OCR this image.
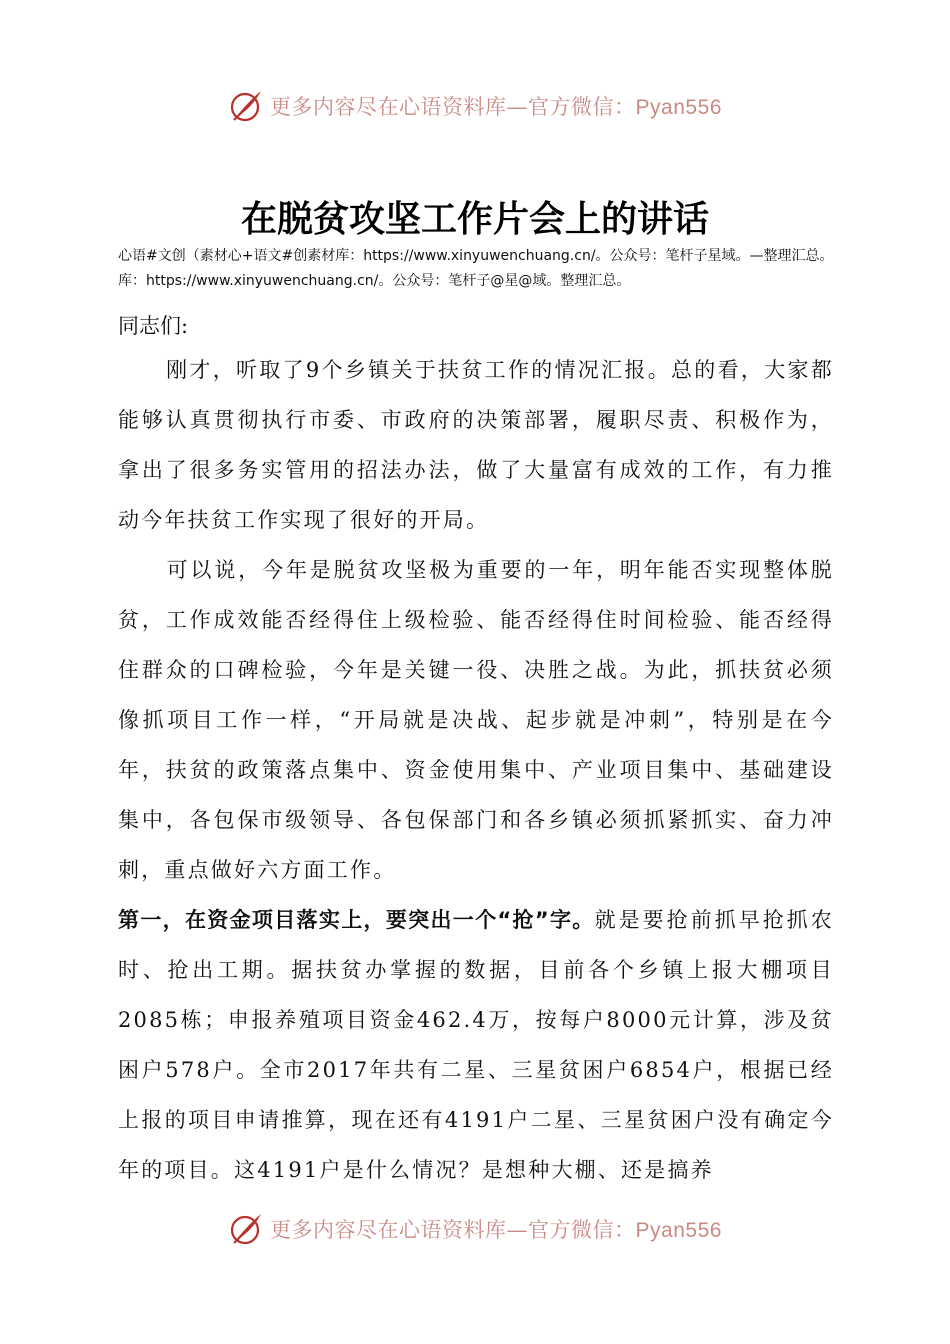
更多内容尽在心语资料库—官方微信：Pyan556
在脱贫攻坚工作片会上的讲话
心语#文创（素材心+语文#创素材库：https://www.xinyuwenchuang.cn/。公众号：笔杆子星域。—整理汇总。库：https://www.xinyuwenchuang.cn/。公众号：笔杆子@星@域。整理汇总。
同志们:

刚才，听取了9个乡镇关于扶贫工作的情况汇报。总的看，大家都能够认真贯彻执行市委、市政府的决策部署，履职尽责、积极作为，拿出了很多务实管用的招法办法，做了大量富有成效的工作，有力推动今年扶贫工作实现了很好的开局。

可以说，今年是脱贫攻坚极为重要的一年，明年能否实现整体脱贫，工作成效能否经得住上级检验、能否经得住时间检验、能否经得住群众的口碑检验，今年是关键一役、决胜之战。为此，抓扶贫必须像抓项目工作一样，“开局就是决战、起步就是冲刺”，特别是在今年，扶贫的政策落点集中、资金使用集中、产业项目集中、基础建设集中，各包保市级领导、各包保部门和各乡镇必须抓紧抓实、奋力冲刺，重点做好六方面工作。

第一，在资金项目落实上，要突出一个“抢”字。就是要抢前抓早抢抓农时、抢出工期。据扶贫办掌握的数据，目前各个乡镇上报大棚项目2085栋；申报养殖项目资金462.4万，按每户8000元计算，涉及贫困户578户。全市2017年共有二星、三星贫困户6854户，根据已经上报的项目申请推算，现在还有4191户二星、三星贫困户没有确定今年的项目。这4191户是什么情况？是想种大棚、还是搞养

更多内容尽在心语资料库—官方微信：Pyan556
